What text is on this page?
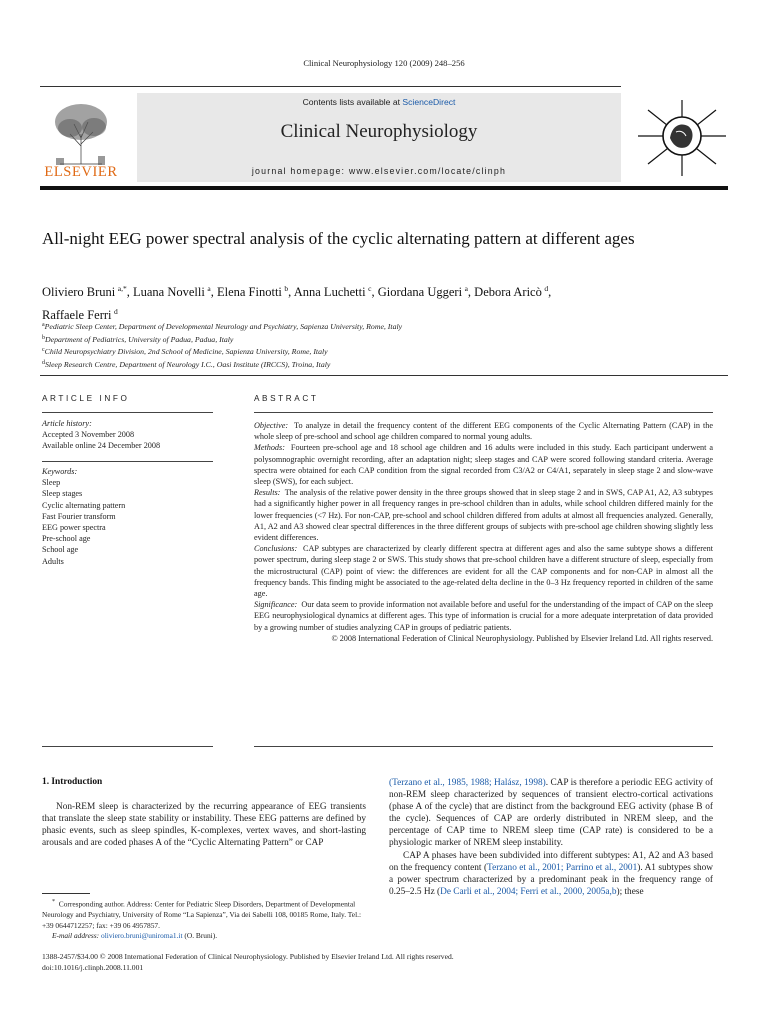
Clinical Neurophysiology 120 (2009) 248–256
ELSEVIER
Contents lists available at ScienceDirect
Clinical Neurophysiology
journal homepage: www.elsevier.com/locate/clinph
All-night EEG power spectral analysis of the cyclic alternating pattern at different ages
Oliviero Bruni  $^{a,*}$, Luana Novelli  $^a$, Elena Finotti  $^b$, Anna Luchetti  $^c$, Giordana Uggeri  $^a$, Debora Aricò  $^d$,
Raffaele Ferri  $^d$
$^a$Pediatric Sleep Center, Department of Developmental Neurology and Psychiatry, Sapienza University, Rome, Italy
$^b$Department of Pediatrics, University of Padua, Padua, Italy
$^c$Child Neuropsychiatry Division, 2nd School of Medicine, Sapienza University, Rome, Italy
$^d$Sleep Research Centre, Department of Neurology I.C., Oasi Institute (IRCCS), Troina, Italy
ARTICLE INFO
Article history:
Accepted 3 November 2008
Available online 24 December 2008
Keywords:
Sleep
Sleep stages
Cyclic alternating pattern
Fast Fourier transform
EEG power spectra
Pre-school age
School age
Adults
ABSTRACT

Objective: To analyze in detail the frequency content of the different EEG components of the Cyclic Alternating Pattern (CAP) in the whole sleep of pre-school and school age children compared to normal young adults.

Methods: Fourteen pre-school age and 18 school age children and 16 adults were included in this study. Each participant underwent a polysomnographic overnight recording, after an adaptation night; sleep stages and CAP were scored following standard criteria. Average spectra were obtained for each CAP condition from the signal recorded from C3/A2 or C4/A1, separately in sleep stage 2 and slow-wave sleep (SWS), for each subject.

Results: The analysis of the relative power density in the three groups showed that in sleep stage 2 and in SWS, CAP A1, A2, A3 subtypes had a significantly higher power in all frequency ranges in pre-school children than in adults, while school children differed mainly for the lower frequencies (<7 Hz). For non-CAP, pre-school and school children differed from adults at almost all frequencies analyzed. Generally, A1, A2 and A3 showed clear spectral differences in the three different groups of subjects with pre-school age children showing slightly less evident differences.

Conclusions: CAP subtypes are characterized by clearly different spectra at different ages and also the same subtype shows a different power spectrum, during sleep stage 2 or SWS. This study shows that pre-school children have a different structure of sleep, especially from the microstructural (CAP) point of view: the differences are evident for all the CAP components and for non-CAP in almost all the frequency bands. This finding might be associated to the age-related delta decline in the 0–3 Hz frequency reported in children of the same age.

Significance: Our data seem to provide information not available before and useful for the understanding of the impact of CAP on the sleep EEG neurophysiological dynamics at different ages. This type of information is crucial for a more adequate interpretation of data provided by a growing number of studies analyzing CAP in groups of pediatric patients.

© 2008 International Federation of Clinical Neurophysiology. Published by Elsevier Ireland Ltd. All rights reserved.

1. Introduction
Non-REM sleep is characterized by the recurring appearance of EEG transients that translate the sleep state stability or instability. These EEG patterns are defined by phasic events, such as sleep spindles, K-complexes, vertex waves, and short-lasting arousals and are coded phases A of the “Cyclic Alternating Pattern” or CAP
(Terzano et al., 1985, 1988; Halász, 1998). CAP is therefore a periodic EEG activity of non-REM sleep characterized by sequences of transient electro-cortical activations (phase A of the cycle) that are distinct from the background EEG activity (phase B of the cycle). Sequences of CAP are orderly distributed in NREM sleep, and the percentage of CAP time to NREM sleep time (CAP rate) is considered to be a physiologic marker of NREM sleep instability.
CAP A phases have been subdivided into different subtypes: A1, A2 and A3 based on the frequency content (Terzano et al., 2001; Parrino et al., 2001). A1 subtypes show a power spectrum characterized by a predominant peak in the frequency range of 0.25–2.5 Hz (De Carli et al., 2004; Ferri et al., 2000, 2005a,b); these
* Corresponding author. Address: Center for Pediatric Sleep Disorders, Department of Developmental Neurology and Psychiatry, University of Rome “La Sapienza”, Via dei Sabelli 108, 00185 Rome, Italy. Tel.: +39 0644712257; fax: +39 06 4957857.
E-mail address: oliviero.bruni@uniroma1.it (O. Bruni).
1388-2457/$34.00 © 2008 International Federation of Clinical Neurophysiology. Published by Elsevier Ireland Ltd. All rights reserved.
doi:10.1016/j.clinph.2008.11.001
